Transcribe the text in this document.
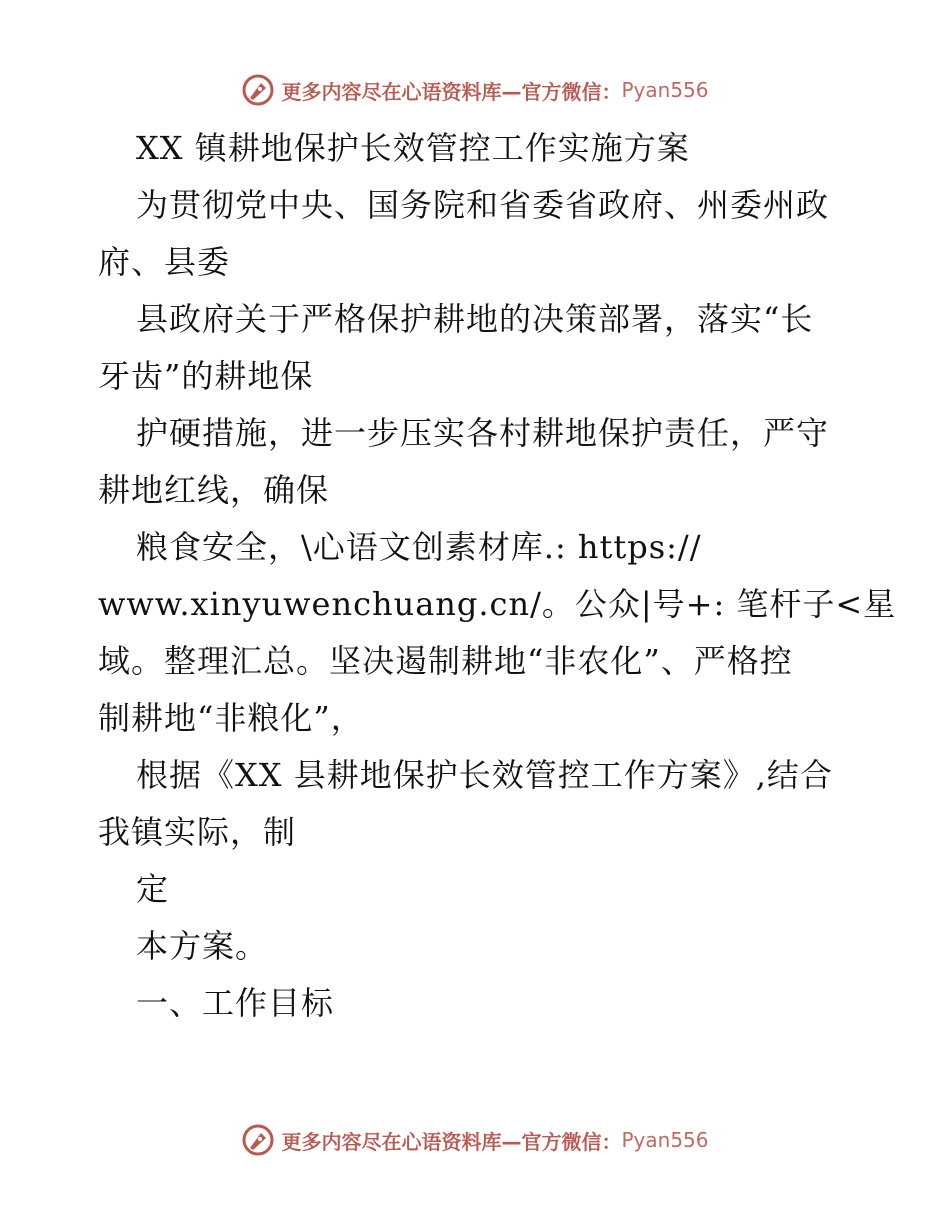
更多内容尽在心语资料库—官方微信： Pyan556
XX 镇耕地保护长效管控工作实施方案
为贯彻党中央、国务院和省委省政府、州委州政
府、县委
县政府关于严格保护耕地的决策部署，落实“长
牙齿”的耕地保
护硬措施，进一步压实各村耕地保护责任，严守
耕地红线，确保
粮食安全，\心语文创素材库.: https://
www.xinyuwenchuang.cn/。公众|号+: 笔杆子<星
域。整理汇总。坚决遏制耕地“非农化”、严格控
制耕地“非粮化”，
根据《XX 县耕地保护长效管控工作方案》,结合
我镇实际，制
定
本方案。
一、工作目标
更多内容尽在心语资料库—官方微信： Pyan556
